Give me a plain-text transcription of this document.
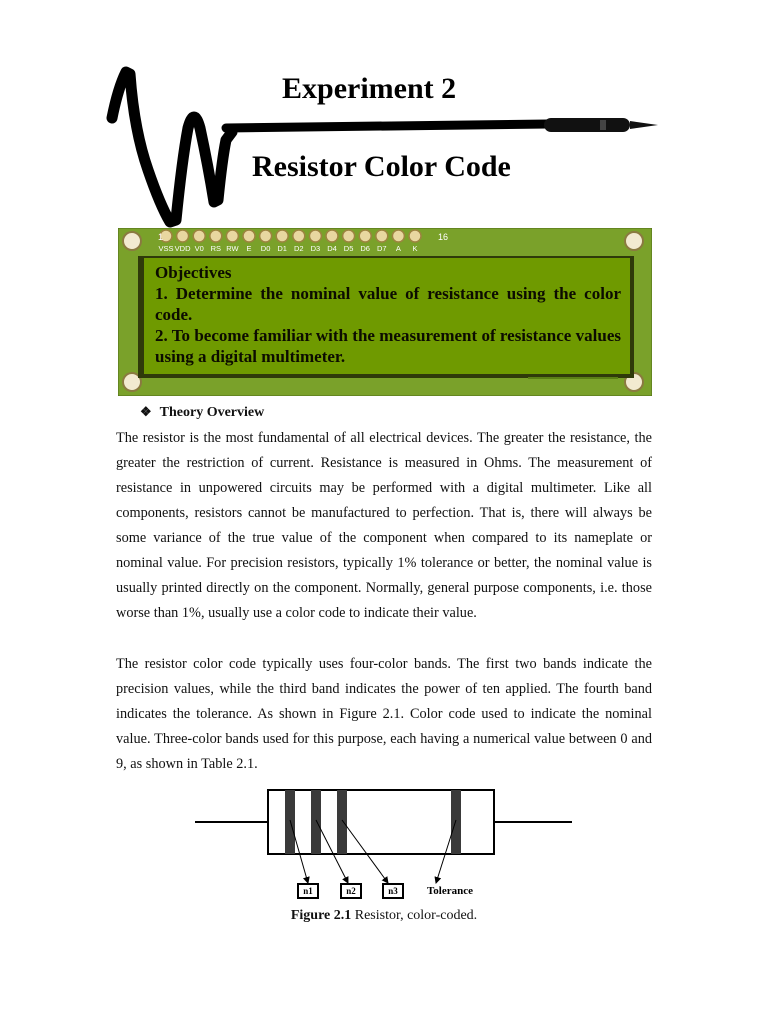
Experiment 2
Resistor Color Code
VSS VDD V0 RS RW E D0 D1 D2 D3 D4 D5 D6 D7 A K
1	16
Objectives
1. Determine the nominal value of resistance using the color code.
2. To become familiar with the measurement of resistance values using a digital multimeter.
❖ Theory Overview

The resistor is the most fundamental of all electrical devices. The greater the resistance, the greater the restriction of current. Resistance is measured in Ohms. The measurement of resistance in unpowered circuits may be performed with a digital multimeter. Like all components, resistors cannot be manufactured to perfection. That is, there will always be some variance of the true value of the component when compared to its nameplate or nominal value. For precision resistors, typically 1% tolerance or better, the nominal value is usually printed directly on the component. Normally, general purpose components, i.e. those worse than 1%, usually use a color code to indicate their value.

The resistor color code typically uses four-color bands. The first two bands indicate the precision values, while the third band indicates the power of ten applied. The fourth band indicates the tolerance. As shown in Figure 2.1. Color code used to indicate the nominal value. Three-color bands used for this purpose, each having a numerical value between 0 and 9, as shown in Table 2.1.

n1	n2	n3	Tolerance
Figure 2.1 Resistor, color-coded.
